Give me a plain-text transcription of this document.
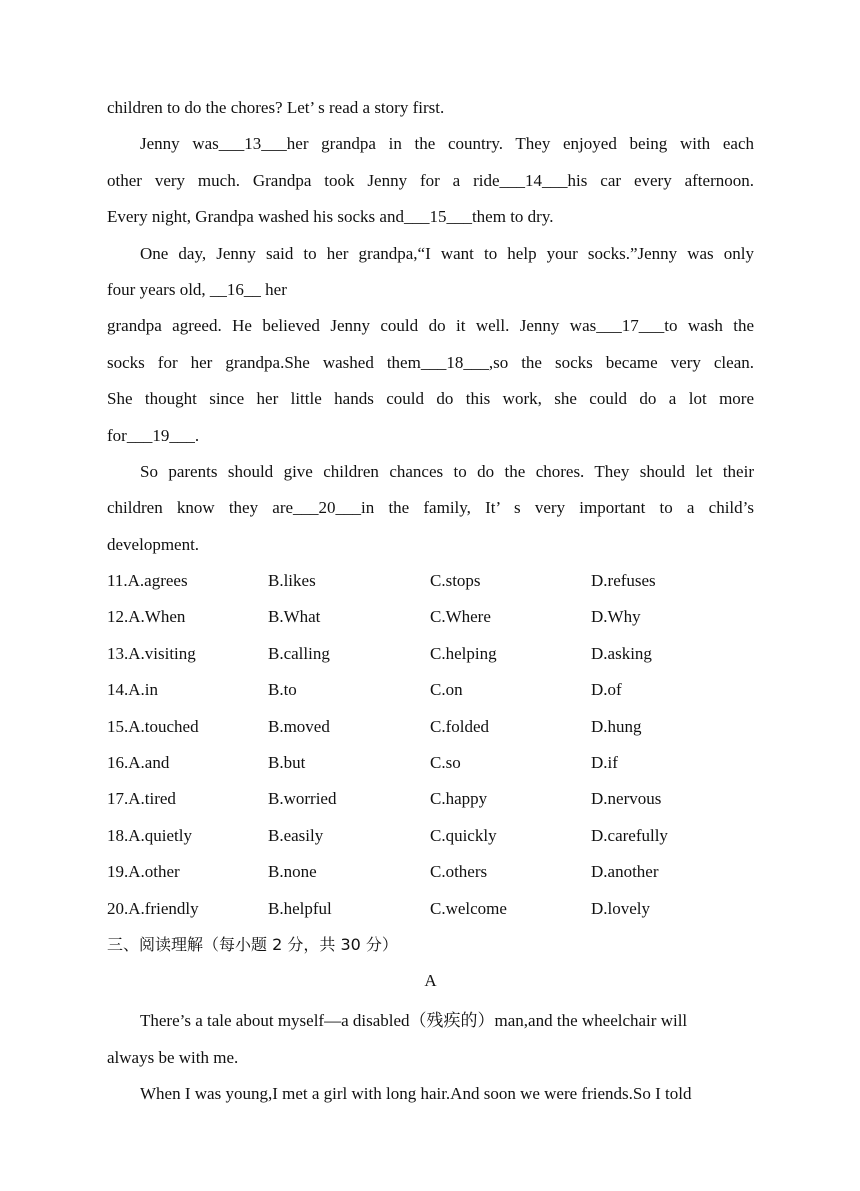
children to do the chores? Let’ s read a story first.
Jenny was___13___her grandpa in the country. They enjoyed being with each
other very much. Grandpa took Jenny for a ride___14___his car every afternoon.
Every night, Grandpa washed his socks and___15___them to dry.
One day, Jenny said to her grandpa,“I want to help your socks.”Jenny was only
four years old, __16__ her
grandpa agreed. He believed Jenny could do it well. Jenny was___17___to wash the
socks for her grandpa.She washed them___18___,so the socks became very clean.
She thought since her little hands could do this work, she could do a lot more
for___19___.
So parents should give children chances to do the chores. They should let their
children know they are___20___in the family, It’ s very important to a child’s
development.
11.A.agrees	B.likes	C.stops	D.refuses
12.A.When	B.What	C.Where	D.Why
13.A.visiting	B.calling	C.helping	D.asking
14.A.in	B.to	C.on	D.of
15.A.touched	B.moved	C.folded	D.hung
16.A.and	B.but	C.so	D.if
17.A.tired	B.worried	C.happy	D.nervous
18.A.quietly	B.easily	C.quickly	D.carefully
19.A.other	B.none	C.others	D.another
20.A.friendly	B.helpful	C.welcome	D.lovely
三、阅读理解（每小题 2 分，共 30 分）
A
There’s a tale about myself—a disabled（残疾的）man,and the wheelchair will
always be with me.
When I was young,I met a girl with long hair.And soon we were friends.So I told
